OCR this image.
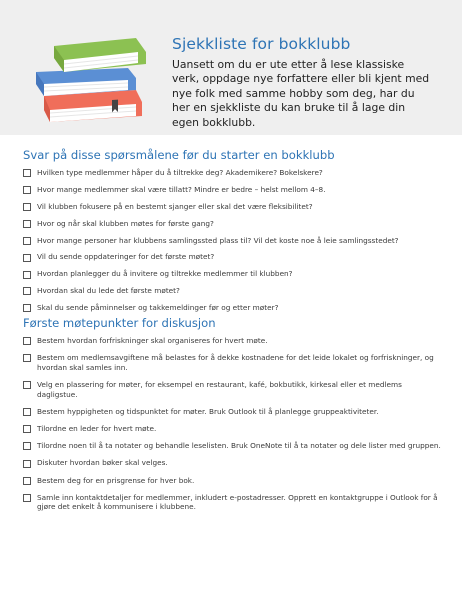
Sjekkliste for bokklubb

Uansett om du er ute etter å lese klassiske verk, oppdage nye forfattere eller bli kjent med nye folk med samme hobby som deg, har du her en sjekkliste du kan bruke til å lage din egen bokklubb.

Svar på disse spørsmålene før du starter en bokklubb
Hvilken type medlemmer håper du å tiltrekke deg? Akademikere? Bokelskere?
Hvor mange medlemmer skal være tillatt? Mindre er bedre – helst mellom 4–8.
Vil klubben fokusere på en bestemt sjanger eller skal det være fleksibilitet?
Hvor og når skal klubben møtes for første gang?
Hvor mange personer har klubbens samlingssted plass til? Vil det koste noe å leie samlingsstedet?
Vil du sende oppdateringer for det første møtet?
Hvordan planlegger du å invitere og tiltrekke medlemmer til klubben?
Hvordan skal du lede det første møtet?
Skal du sende påminnelser og takkemeldinger før og etter møter?
Første møtepunkter for diskusjon
Bestem hvordan forfriskninger skal organiseres for hvert møte.
Bestem om medlemsavgiftene må belastes for å dekke kostnadene for det leide lokalet og forfriskninger, og hvordan skal samles inn.
Velg en plassering for møter, for eksempel en restaurant, kafé, bokbutikk, kirkesal eller et medlems dagligstue.
Bestem hyppigheten og tidspunktet for møter. Bruk Outlook til å planlegge gruppeaktiviteter.
Tilordne en leder for hvert møte.
Tilordne noen til å ta notater og behandle leselisten. Bruk OneNote til å ta notater og dele lister med gruppen.
Diskuter hvordan bøker skal velges.
Bestem deg for en prisgrense for hver bok.
Samle inn kontaktdetaljer for medlemmer, inkludert e-postadresser. Opprett en kontaktgruppe i Outlook for å gjøre det enkelt å kommunisere i klubbene.
